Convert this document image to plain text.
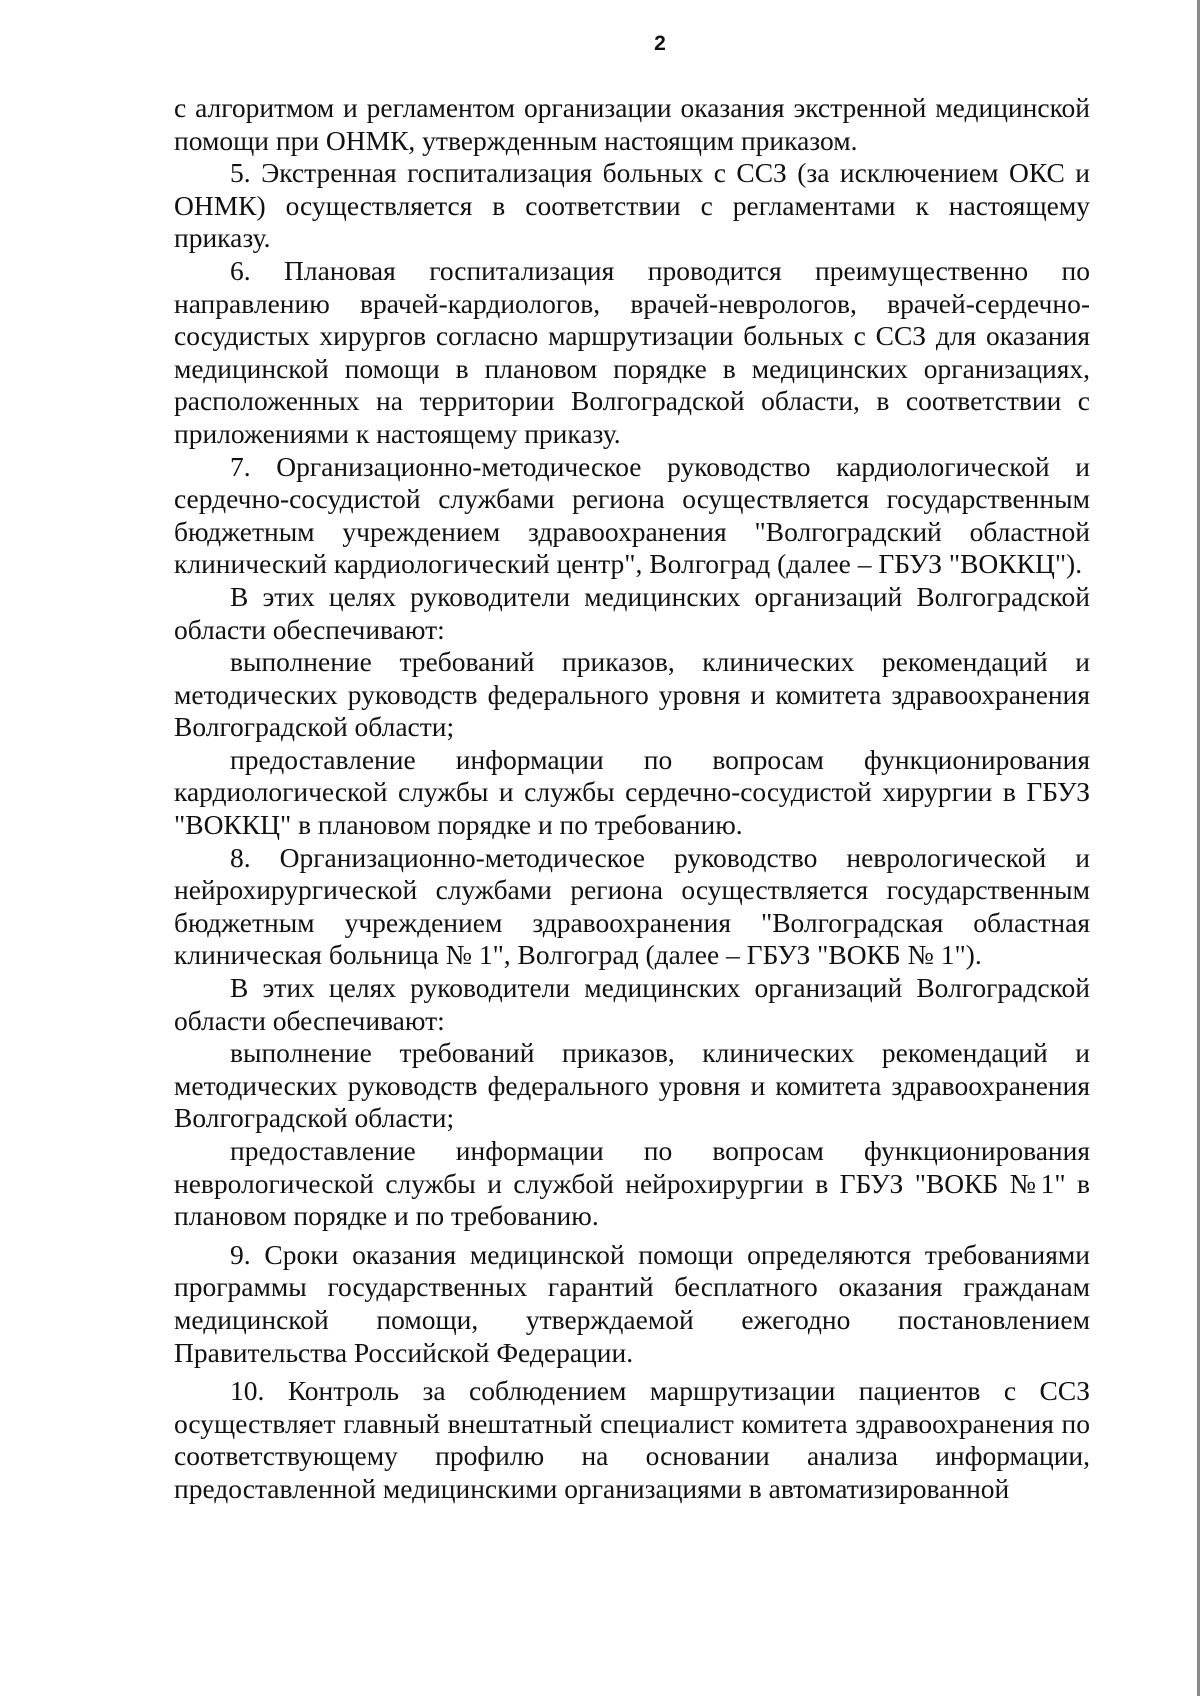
2

с алгоритмом и регламентом организации оказания экстренной медицинской помощи при ОНМК, утвержденным настоящим приказом.

5. Экстренная госпитализация больных с ССЗ (за исключением ОКС и ОНМК) осуществляется в соответствии с регламентами к настоящему приказу.

6. Плановая госпитализация проводится преимущественно по направлению врачей-кардиологов, врачей-неврологов, врачей-сердечно-сосудистых хирургов согласно маршрутизации больных с ССЗ для оказания медицинской помощи в плановом порядке в медицинских организациях, расположенных на территории Волгоградской области, в соответствии с приложениями к настоящему приказу.

7. Организационно-методическое руководство кардиологической и сердечно-сосудистой службами региона осуществляется государственным бюджетным учреждением здравоохранения "Волгоградский областной клинический кардиологический центр", Волгоград (далее – ГБУЗ "ВОККЦ").

В этих целях руководители медицинских организаций Волгоградской области обеспечивают:

выполнение требований приказов, клинических рекомендаций и методических руководств федерального уровня и комитета здравоохранения Волгоградской области;

предоставление информации по вопросам функционирования кардиологической службы и службы сердечно-сосудистой хирургии в ГБУЗ "ВОККЦ" в плановом порядке и по требованию.

8. Организационно-методическое руководство неврологической и нейрохирургической службами региона осуществляется государственным бюджетным учреждением здравоохранения "Волгоградская областная клиническая больница № 1", Волгоград (далее – ГБУЗ "ВОКБ № 1").

В этих целях руководители медицинских организаций Волгоградской области обеспечивают:

выполнение требований приказов, клинических рекомендаций и методических руководств федерального уровня и комитета здравоохранения Волгоградской области;

предоставление информации по вопросам функционирования неврологической службы и службой нейрохирургии в ГБУЗ "ВОКБ №1" в плановом порядке и по требованию.

9. Сроки оказания медицинской помощи определяются требованиями программы государственных гарантий бесплатного оказания гражданам медицинской помощи, утверждаемой ежегодно постановлением Правительства Российской Федерации.

10. Контроль за соблюдением маршрутизации пациентов с ССЗ осуществляет главный внештатный специалист комитета здравоохранения по соответствующему профилю на основании анализа информации, предоставленной медицинскими организациями в автоматизированной
